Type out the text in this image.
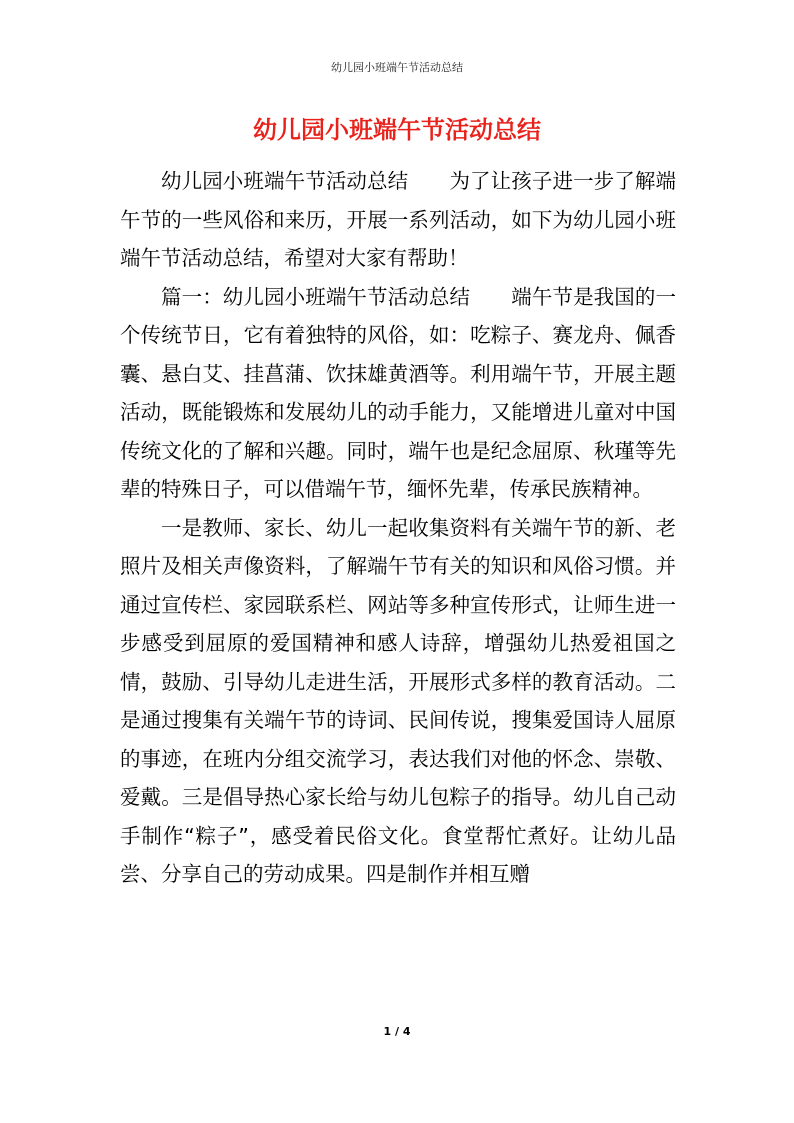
幼儿园小班端午节活动总结
幼儿园小班端午节活动总结

幼儿园小班端午节活动总结　　为了让孩子进一步了解端午节的一些风俗和来历，开展一系列活动，如下为幼儿园小班端午节活动总结，希望对大家有帮助！

篇一：幼儿园小班端午节活动总结　　端午节是我国的一个传统节日，它有着独特的风俗，如：吃粽子、赛龙舟、佩香囊、悬白艾、挂菖蒲、饮抹雄黄酒等。利用端午节，开展主题活动，既能锻炼和发展幼儿的动手能力，又能增进儿童对中国传统文化的了解和兴趣。同时，端午也是纪念屈原、秋瑾等先辈的特殊日子，可以借端午节，缅怀先辈，传承民族精神。

一是教师、家长、幼儿一起收集资料有关端午节的新、老照片及相关声像资料，了解端午节有关的知识和风俗习惯。并通过宣传栏、家园联系栏、网站等多种宣传形式，让师生进一步感受到屈原的爱国精神和感人诗辞，增强幼儿热爱祖国之情，鼓励、引导幼儿走进生活，开展形式多样的教育活动。二是通过搜集有关端午节的诗词、民间传说，搜集爱国诗人屈原的事迹，在班内分组交流学习，表达我们对他的怀念、崇敬、爱戴。三是倡导热心家长给与幼儿包粽子的指导。幼儿自己动手制作“粽子”，感受着民俗文化。食堂帮忙煮好。让幼儿品尝、分享自己的劳动成果。四是制作并相互赠

1 / 4
